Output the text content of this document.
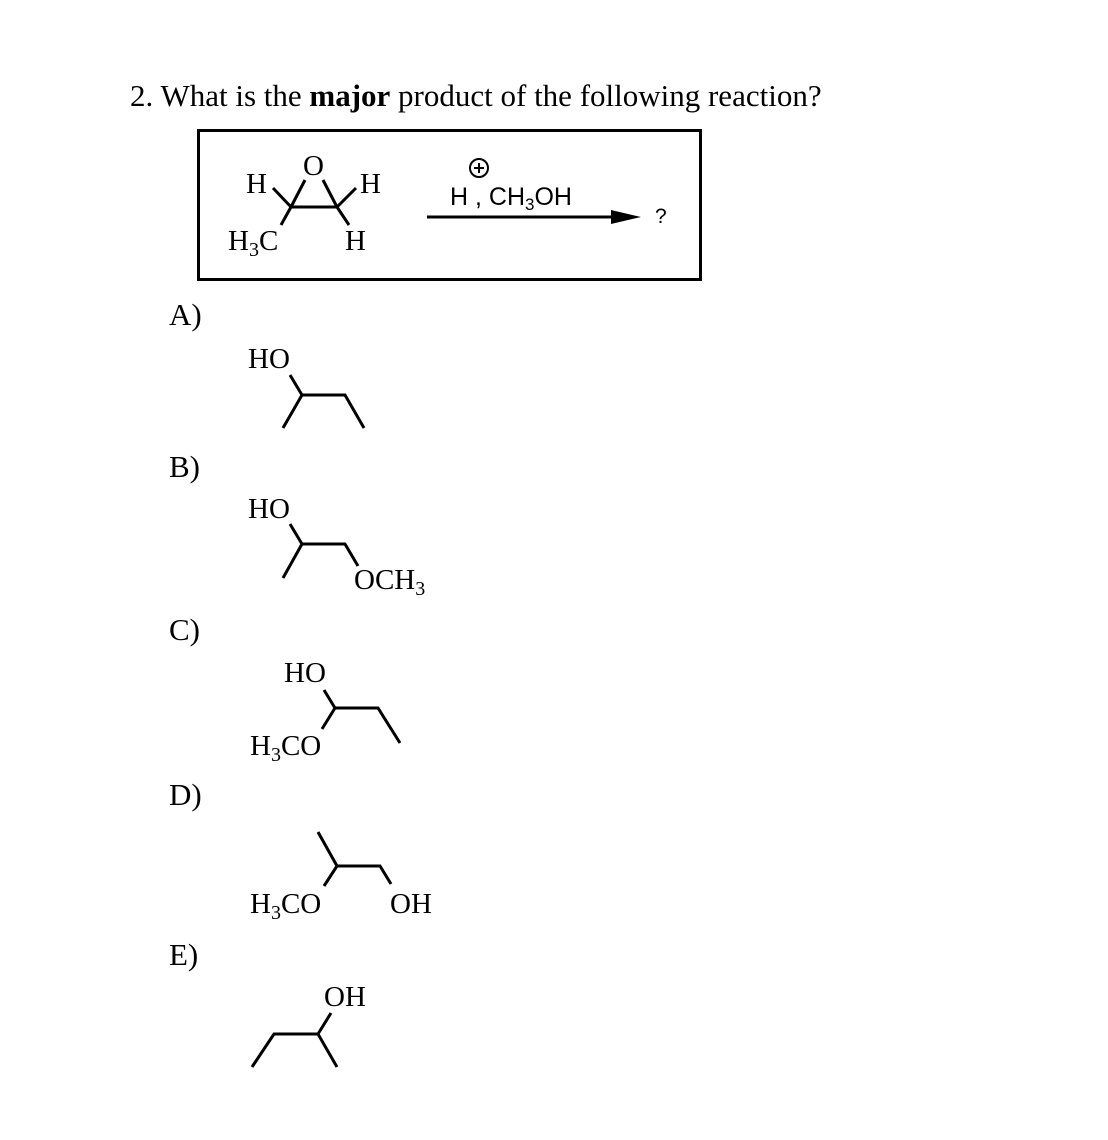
2. What is the major product of the following reaction?
H
O
H
$H_3C$ H
H , $CH_3OH$
?
HO
HO
$OCH_3$
HO
$H_3CO$
$H_3CO$ OH
OH
A)
B)
C)
D)
E)
